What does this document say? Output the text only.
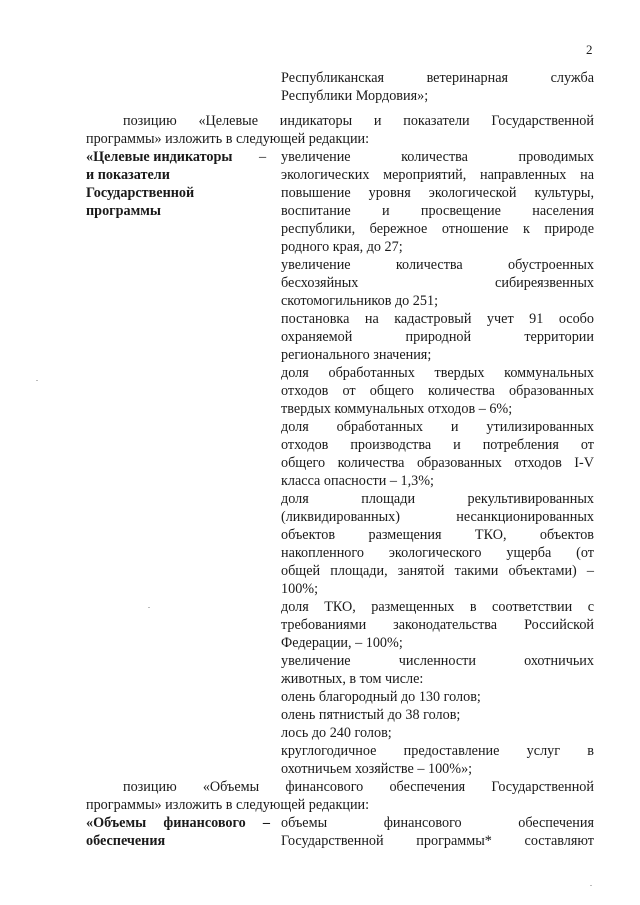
2
Республиканская ветеринарная служба
Республики Мордовия»;
позицию «Целевые индикаторы и показатели Государственной
программы» изложить в следующей редакции:
«Целевые индикаторы –
и показатели
Государственной
программы
увеличение количества проводимых
экологических мероприятий, направленных на
повышение уровня экологической культуры,
воспитание и просвещение населения
республики, бережное отношение к природе
родного края, до 27;
увеличение количества обустроенных
бесхозяйных сибиреязвенных
скотомогильников до 251;
постановка на кадастровый учет 91 особо
охраняемой природной территории
регионального значения;
доля обработанных твердых коммунальных
отходов от общего количества образованных
твердых коммунальных отходов – 6%;
доля обработанных и утилизированных
отходов производства и потребления от
общего количества образованных отходов I-V
класса опасности – 1,3%;
доля площади рекультивированных
(ликвидированных) несанкционированных
объектов размещения ТКО, объектов
накопленного экологического ущерба (от
общей площади, занятой такими объектами) –
100%;
доля ТКО, размещенных в соответствии с
требованиями законодательства Российской
Федерации, – 100%;
увеличение численности охотничьих
животных, в том числе:
олень благородный до 130 голов;
олень пятнистый до 38 голов;
лось до 240 голов;
круглогодичное предоставление услуг в
охотничьем хозяйстве – 100%»;
позицию «Объемы финансового обеспечения Государственной
программы» изложить в следующей редакции:
«Объемы финансового –
обеспечения
объемы финансового обеспечения
Государственной программы* составляют
